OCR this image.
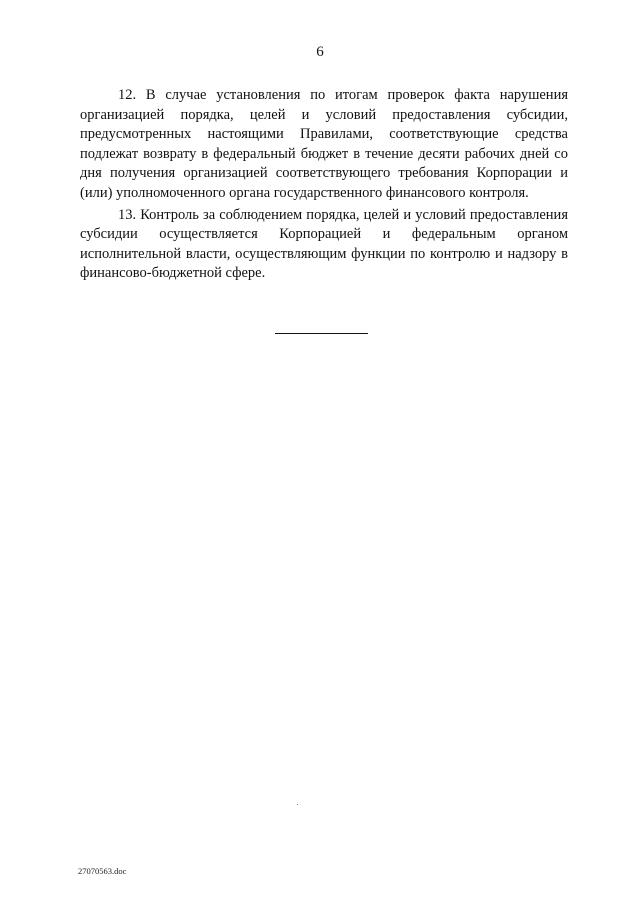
6

12. В случае установления по итогам проверок факта нарушения организацией порядка, целей и условий предоставления субсидии, предусмотренных настоящими Правилами, соответствующие средства подлежат возврату в федеральный бюджет в течение десяти рабочих дней со дня получения организацией соответствующего требования Корпорации и (или) уполномоченного органа государственного финансового контроля.

13. Контроль за соблюдением порядка, целей и условий предоставления субсидии осуществляется Корпорацией и федеральным органом исполнительной власти, осуществляющим функции по контролю и надзору в финансово-бюджетной сфере.

27070563.doc
